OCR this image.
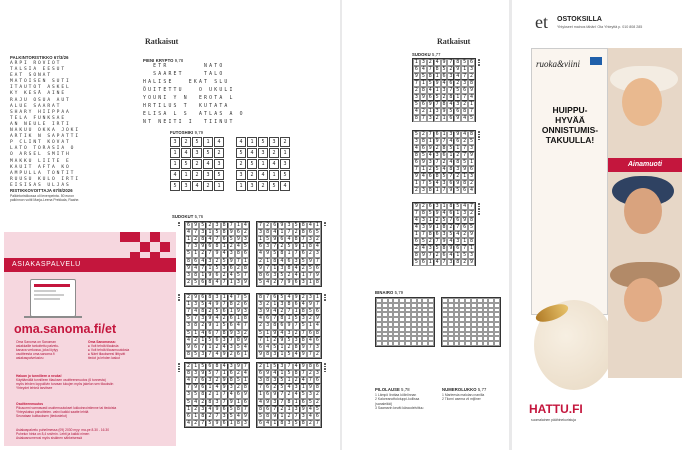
Ratkaisut
PALKINTORISTIKKO 67/3/26
ARPI ROVIOT
TALSIA EESUT
EAT SONAT
MATOISEN SUTI
ITAUTOT ASKEL
KY KESÄ AINE
RAJU OSUA AUT
ALUE SAARAT
SHARY HIIPPAA
TELA FUNKSAE
AN NEULE IRTI
NAKUU OKKA JOKI
ARTIK N SAPATTI
P CLINT KOVAT
LATO TORASIA O
O ARSEL SMITH
MAKKU LIITE E
KAUIT AFTA KO
AMPULLA TONTIT
RUUSU KULO IRTI
EISISAS ULJAS
RISTIKKOVOITTAJA 67/8/2026
Palkintoristikossa oli levenpeinta. 50 euron
palkinnon voitti Marja-Leena Prekkala, Raahe.
PIENI KRYPTO 9,78
ETR       NATO
SAARET    TALO
HALISE   EKAT SLU
ÖUITETTU   O UKULI
YOUNI Y N  EROTA L
HRTILUS T  KUTATA
ELISA L S  ATLAS A O
NT NEITI I  TIINUT
FUTOSHIKI 9,79
3	2	5	1	4
1	4	3	5	2
1	5	2	4	3
4	1	2	3	5
5	3	4	2	1
4	1	5	3	2
5	4	3	2	1
2	5	1	4	3
3	2	4	1	5
1	3	2	5	4
SUDOKUT 5,76
6 9 5 2 3 8 7 1 4
4 7 3 1 5 8 9 6 2
1 2 8 4 7 6 5 9 3
7 3 9 6 8 1 2 4 5
5 1 2 7 9 4 3 8 6
8 6 4 3 2 5 9 7 1
9 4 7 1 5 3 6 2 8
3 8 1 9 6 2 4 5 7
2 5 6 8 4 7 1 3 9
7 2 6 9 3 5 8 4 1
3 8 4 1 7 2 8 6 5
1 5 9 6 4 8 7 3 2
6 3 7 2 5 9 1 8 4
4 9 5 8 1 7 6 2 3
2 1 8 4 6 3 5 9 7
9 7 1 3 8 4 2 5 6
8 6 3 5 2 4 1 7 9
5 4 2 7 9 6 3 1 8
2 9 6 8 3 1 4 7 5
1 3 5 4 9 7 8 2 6
7 4 8 2 5 6 1 9 3
5 7 3 9 4 2 6 1 8
3 8 2 9 1 5 6 4 7
5 1 4 6 7 8 9 3 2
4 2 1 5 6 3 7 8 9
9 6 7 1 2 4 3 5 4
8 5 3 7 4 9 2 6 1
8 7 6 5 4 9 2 3 1
3 2 1 3 8 6 4 9 7
3 9 4 2 7 1 8 5 6
4 6 7 8 1 5 3 2 9
2 3 8 6 9 7 5 1 4
5 1 9 4 3 2 7 6 8
7 1 2 9 5 3 8 4 6
6 4 5 1 2 8 9 7 3
9 8 3 1 5 4 9 7 2
2 1 5 6 8 4 3 9 7
8 3 9 5 7 1 6 2 4
4 7 6 3 2 9 8 5 1
7 9 6 1 4 9 3 2 8
3 5 8 2 1 7 4 6 9
5 4 2 8 3 7 9 1 6
1 2 3 4 9 6 5 8 7
6 1 8 2 7 3 5 4 9
4 2 7 5 9 6 1 8 3
2 1 5 3 7 4 9 8 6
6 9 4 1 5 8 7 2 3
3 8 3 5 1 2 4 7 6
7 6 2 5 4 3 1 9 8
1 6 9 7 2 4 5 3 2
4 9 3 7 8 1 6 5 2
8 6 7 2 1 3 9 4 5
5 8 9 1 2 7 3 4 6
6 4 1 8 3 5 8 2 7
ASIAKASPALVELU
oma.sanoma.fi/et
Oma Sanoma on Sanoman
asiakkaille tarkoitettu palvelu-
kanava verkossa, joka löytyy
osoitteesta oma.sanoma.fi
asiakaspalvelusivu
Oma Sanomassa:
● Voit tehdä tilauksia
● Voit tehdä tilausmuutoksia
● Näet tilaukseesi liittyvät
tiedot ja lehden laskut
Haluan jo tunnilleen a neuka!
Käyttämällä tunnilleen tilauksen osoitteenmuutos (6 tunnesta)
myös lehden loppuliivin turvaan lukujen myös jakelun sen tilauksiin
Yhteydet lehteä tarvitsee
Osoitteenmuutos
Pikusormi varmavasti osoitemuutokset lukkoinnointienne tai tiedoista
Yhteyskatso pahoittelen. vahvi kaikki saatte lehtiä
Seurataan kuittauksen (tiedustelut)
Asiakaspalvelu puhelimessa (09) 2030 myy: ma-pe 8.30 - 16.30
Puhelun hinta on 8,4 snt/min. Lehti ja kaikki nimen
Asiakasnumerosi myös sisäinen sähkeisessä
Ratkaisut
SUDOKU 5,77
1 3 2 4 9 7 8 5 6
6 4 7 8 5 2 9 1 3
9 5 8 1 6 3 4 7 2
7 1 5 9 4 6 2 3 8
2 8 4 1 3 7 5 6 9
3 9 6 5 2 8 1 7 4
5 6 9 7 8 4 3 2 1
4 2 1 3 9 5 6 8 7
8 7 3 2 1 6 9 4 5
5 2 7 6 1 3 9 4 8
3 8 1 9 7 4 6 2 5
4 6 9 2 8 5 1 7 3
8 5 4 3 6 1 2 7 9
6 9 3 7 2 4 8 5 1
7 1 2 5 4 8 3 9 6
9 4 6 8 5 7 2 1 3
1 7 5 4 3 6 9 8 2
2 3 8 1 7 9 5 6 4
9 2 6 3 1 8 5 4 7
7 8 5 9 4 6 1 3 2
4 3 1 2 5 7 6 9 8
4 3 9 1 8 2 7 6 5
1 7 8 6 3 5 4 2 9
6 5 2 7 9 4 3 1 8
2 4 3 5 8 9 6 7 1
8 9 7 2 6 4 1 5 3
5 6 1 4 7 3 8 2 9
BINAIRO 5,79
PILOLAUSE 5,78
1 Lämpö lirottaa kölinlinnan
2 Kaloreanoftolotuppi-kollissa
(sanaleikki)
3 Saamarin kevät käraodelvittuu
NUMEROLUKKO 5,77
1 Marleesia malolaru nanilla
2 Tilorni asema vii mijliner
et OSTOKSILLA
Yhtykseet mainos tähän! Ota Yhteyttä p. 010 808 285
ruoka&viini
HUIPPU-
HYVÄÄ
ONNISTUMIS-
TAKUULLA!
Ainamuoti
HATTU.FI
suomalainen päähinekuristuja
